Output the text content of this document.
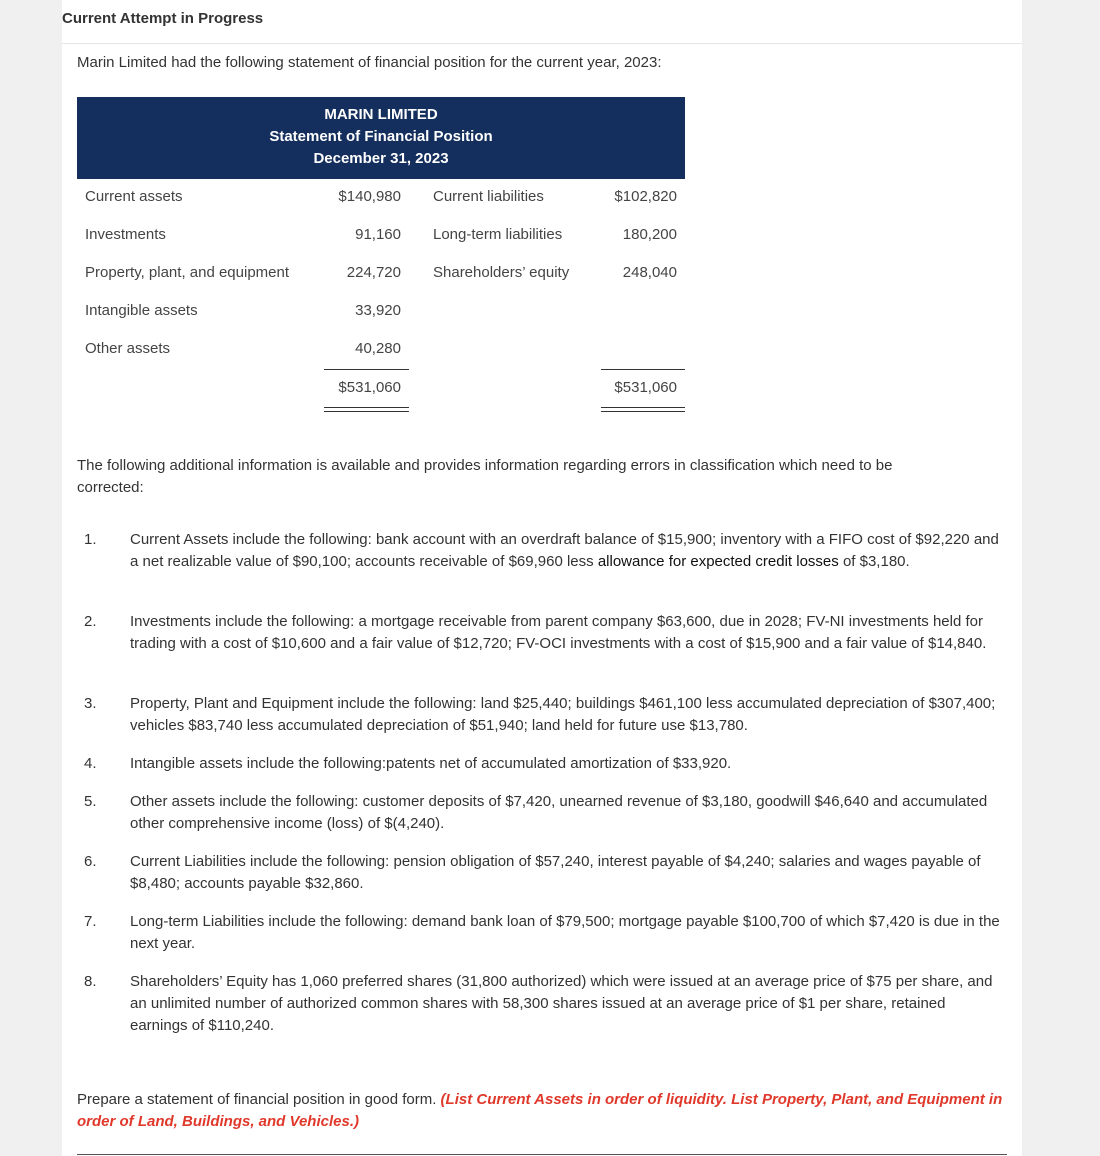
Current Attempt in Progress
Marin Limited had the following statement of financial position for the current year, 2023:
MARIN LIMITED
Statement of Financial Position
December 31, 2023
Current assets	$140,980 Current liabilities	$102,820
Investments	91,160 Long-term liabilities	180,200
Property, plant, and equipment	224,720 Shareholders’ equity	248,040
Intangible assets	33,920
Other assets	40,280
$531,060	$531,060
The following additional information is available and provides information regarding errors in classification which need to be corrected:
1. Current Assets include the following: bank account with an overdraft balance of $15,900; inventory with a FIFO cost of $92,220 and a net realizable value of $90,100; accounts receivable of $69,960 less allowance for expected credit losses of $3,180.
2. Investments include the following: a mortgage receivable from parent company $63,600, due in 2028; FV-NI investments held for trading with a cost of $10,600 and a fair value of $12,720; FV-OCI investments with a cost of $15,900 and a fair value of $14,840.
3. Property, Plant and Equipment include the following: land $25,440; buildings $461,100 less accumulated depreciation of $307,400; vehicles $83,740 less accumulated depreciation of $51,940; land held for future use $13,780.
4. Intangible assets include the following:patents net of accumulated amortization of $33,920.
5. Other assets include the following: customer deposits of $7,420, unearned revenue of $3,180, goodwill $46,640 and accumulated other comprehensive income (loss) of $(4,240).
6. Current Liabilities include the following: pension obligation of $57,240, interest payable of $4,240; salaries and wages payable of $8,480; accounts payable $32,860.
7. Long-term Liabilities include the following: demand bank loan of $79,500; mortgage payable $100,700 of which $7,420 is due in the next year.
8. Shareholders’ Equity has 1,060 preferred shares (31,800 authorized) which were issued at an average price of $75 per share, and an unlimited number of authorized common shares with 58,300 shares issued at an average price of $1 per share, retained earnings of $110,240.
Prepare a statement of financial position in good form. (List Current Assets in order of liquidity. List Property, Plant, and Equipment in order of Land, Buildings, and Vehicles.)
